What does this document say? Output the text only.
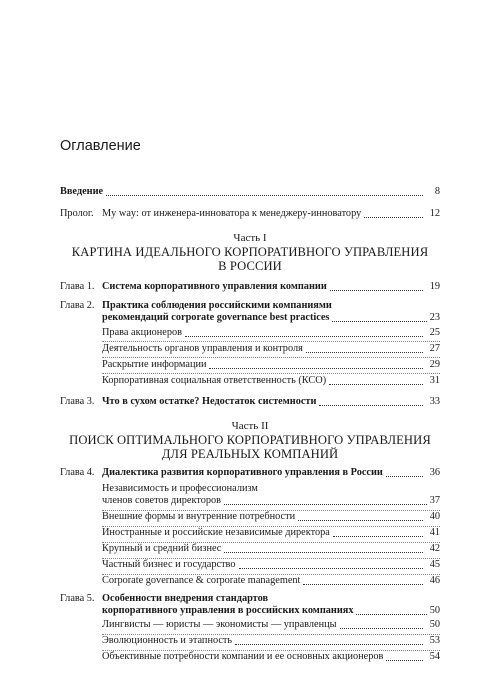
Оглавление
Введение	8
Пролог. My way: от инженера-инноватора к менеджеру-инноватору	12
Часть I
КАРТИНА ИДЕАЛЬНОГО КОРПОРАТИВНОГО УПРАВЛЕНИЯ
В РОССИИ
Глава 1. Система корпоративного управления компании	19
Глава 2. Практика соблюдения российскими компаниями
рекомендаций corporate governance best practices	23
Права акционеров	25
Деятельность органов управления и контроля	27
Раскрытие информации	29
Корпоративная социальная ответственность (КСО)	31
Глава 3. Что в сухом остатке? Недостаток системности	33
Часть II
ПОИСК ОПТИМАЛЬНОГО КОРПОРАТИВНОГО УПРАВЛЕНИЯ
ДЛЯ РЕАЛЬНЫХ КОМПАНИЙ
Глава 4. Диалектика развития корпоративного управления в России	36
Независимость и профессионализм
членов советов директоров	37
Внешние формы и внутренние потребности	40
Иностранные и российские независимые директора	41
Крупный и средний бизнес	42
Частный бизнес и государство	45
Corporate governance & corporate management	46
Глава 5. Особенности внедрения стандартов
корпоративного управления в российских компаниях	50
Лингвисты — юристы — экономисты — управленцы	50
Эволюционность и этапность	53
Объективные потребности компании и ее основных акционеров	54
